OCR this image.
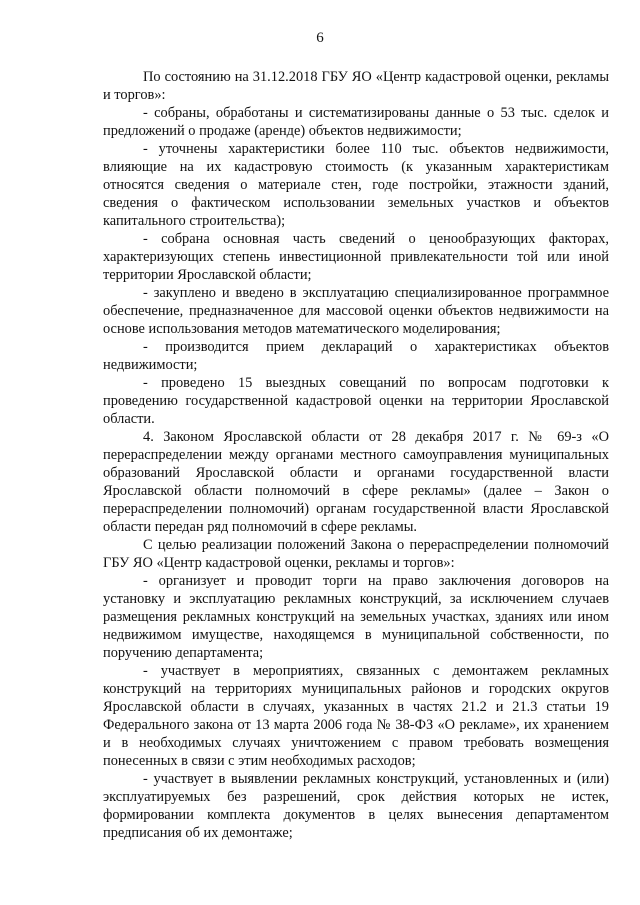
6

По состоянию на 31.12.2018 ГБУ ЯО «Центр кадастровой оценки, рекламы и торгов»:

- собраны, обработаны и систематизированы данные о 53 тыс. сделок и предложений о продаже (аренде) объектов недвижимости;

- уточнены характеристики более 110 тыс. объектов недвижимости, влияющие на их кадастровую стоимость (к указанным характеристикам относятся сведения о материале стен, годе постройки, этажности зданий, сведения о фактическом использовании земельных участков и объектов капитального строительства);

- собрана основная часть сведений о ценообразующих факторах, характеризующих степень инвестиционной привлекательности той или иной территории Ярославской области;

- закуплено и введено в эксплуатацию специализированное программное обеспечение, предназначенное для массовой оценки объектов недвижимости на основе использования методов математического моделирования;

- производится прием деклараций о характеристиках объектов недвижимости;

- проведено 15 выездных совещаний по вопросам подготовки к проведению государственной кадастровой оценки на территории Ярославской области.

4. Законом Ярославской области от 28 декабря 2017 г. № 69-з «О перераспределении между органами местного самоуправления муниципальных образований Ярославской области и органами государственной власти Ярославской области полномочий в сфере рекламы» (далее – Закон о перераспределении полномочий) органам государственной власти Ярославской области передан ряд полномочий в сфере рекламы.

С целью реализации положений Закона о перераспределении полномочий ГБУ ЯО «Центр кадастровой оценки, рекламы и торгов»:

- организует и проводит торги на право заключения договоров на установку и эксплуатацию рекламных конструкций, за исключением случаев размещения рекламных конструкций на земельных участках, зданиях или ином недвижимом имуществе, находящемся в муниципальной собственности, по поручению департамента;

- участвует в мероприятиях, связанных с демонтажем рекламных конструкций на территориях муниципальных районов и городских округов Ярославской области в случаях, указанных в частях 21.2 и 21.3 статьи 19 Федерального закона от 13 марта 2006 года № 38-ФЗ «О рекламе», их хранением и в необходимых случаях уничтожением с правом требовать возмещения понесенных в связи с этим необходимых расходов;

- участвует в выявлении рекламных конструкций, установленных и (или) эксплуатируемых без разрешений, срок действия которых не истек, формировании комплекта документов в целях вынесения департаментом предписания об их демонтаже;
